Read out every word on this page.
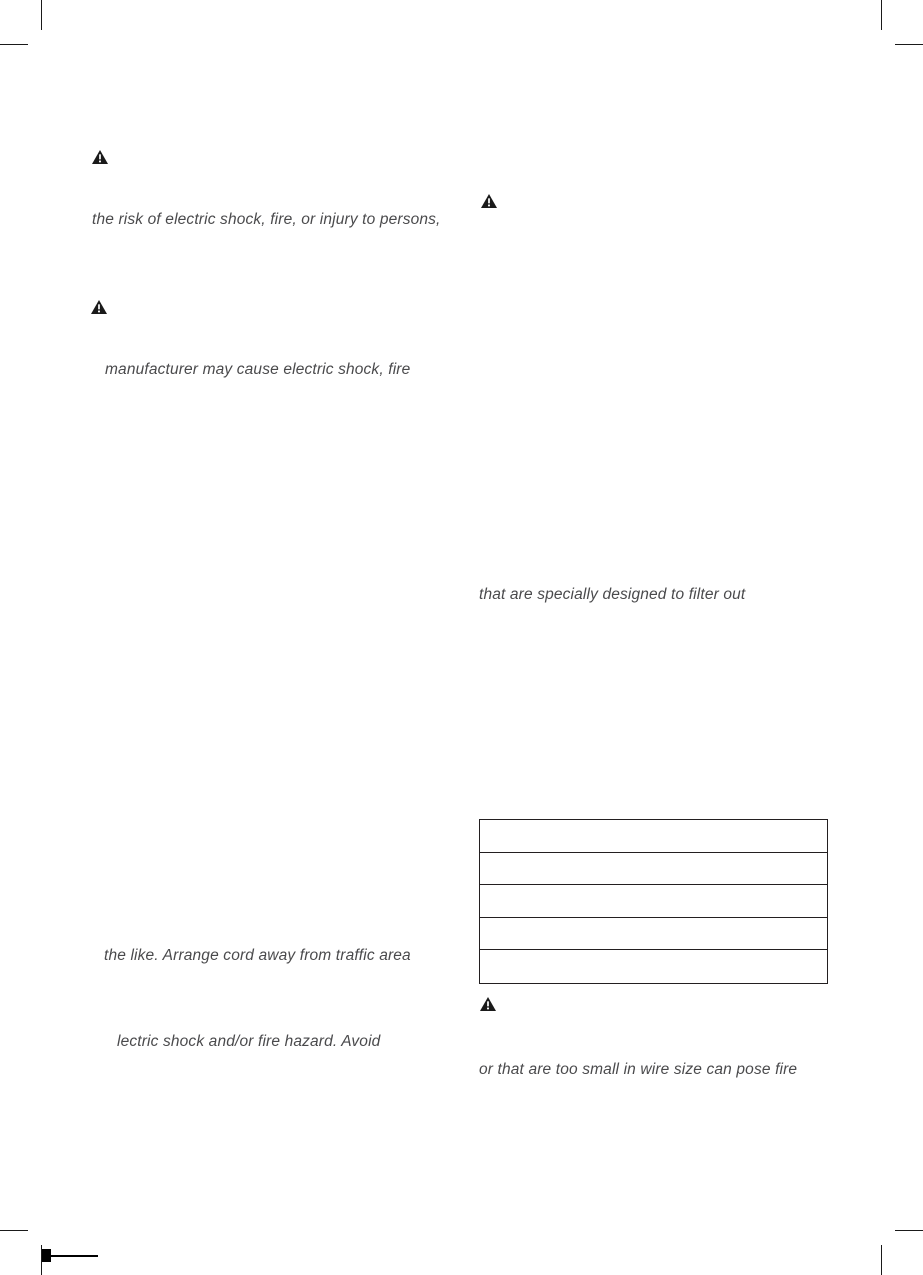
the risk of electric shock, fire, or injury to persons,
manufacturer may cause electric shock, fire
the like. Arrange cord away from traffic area
lectric shock and/or fire hazard. Avoid
that are specially designed to filter out
or that are too small in wire size can pose fire
